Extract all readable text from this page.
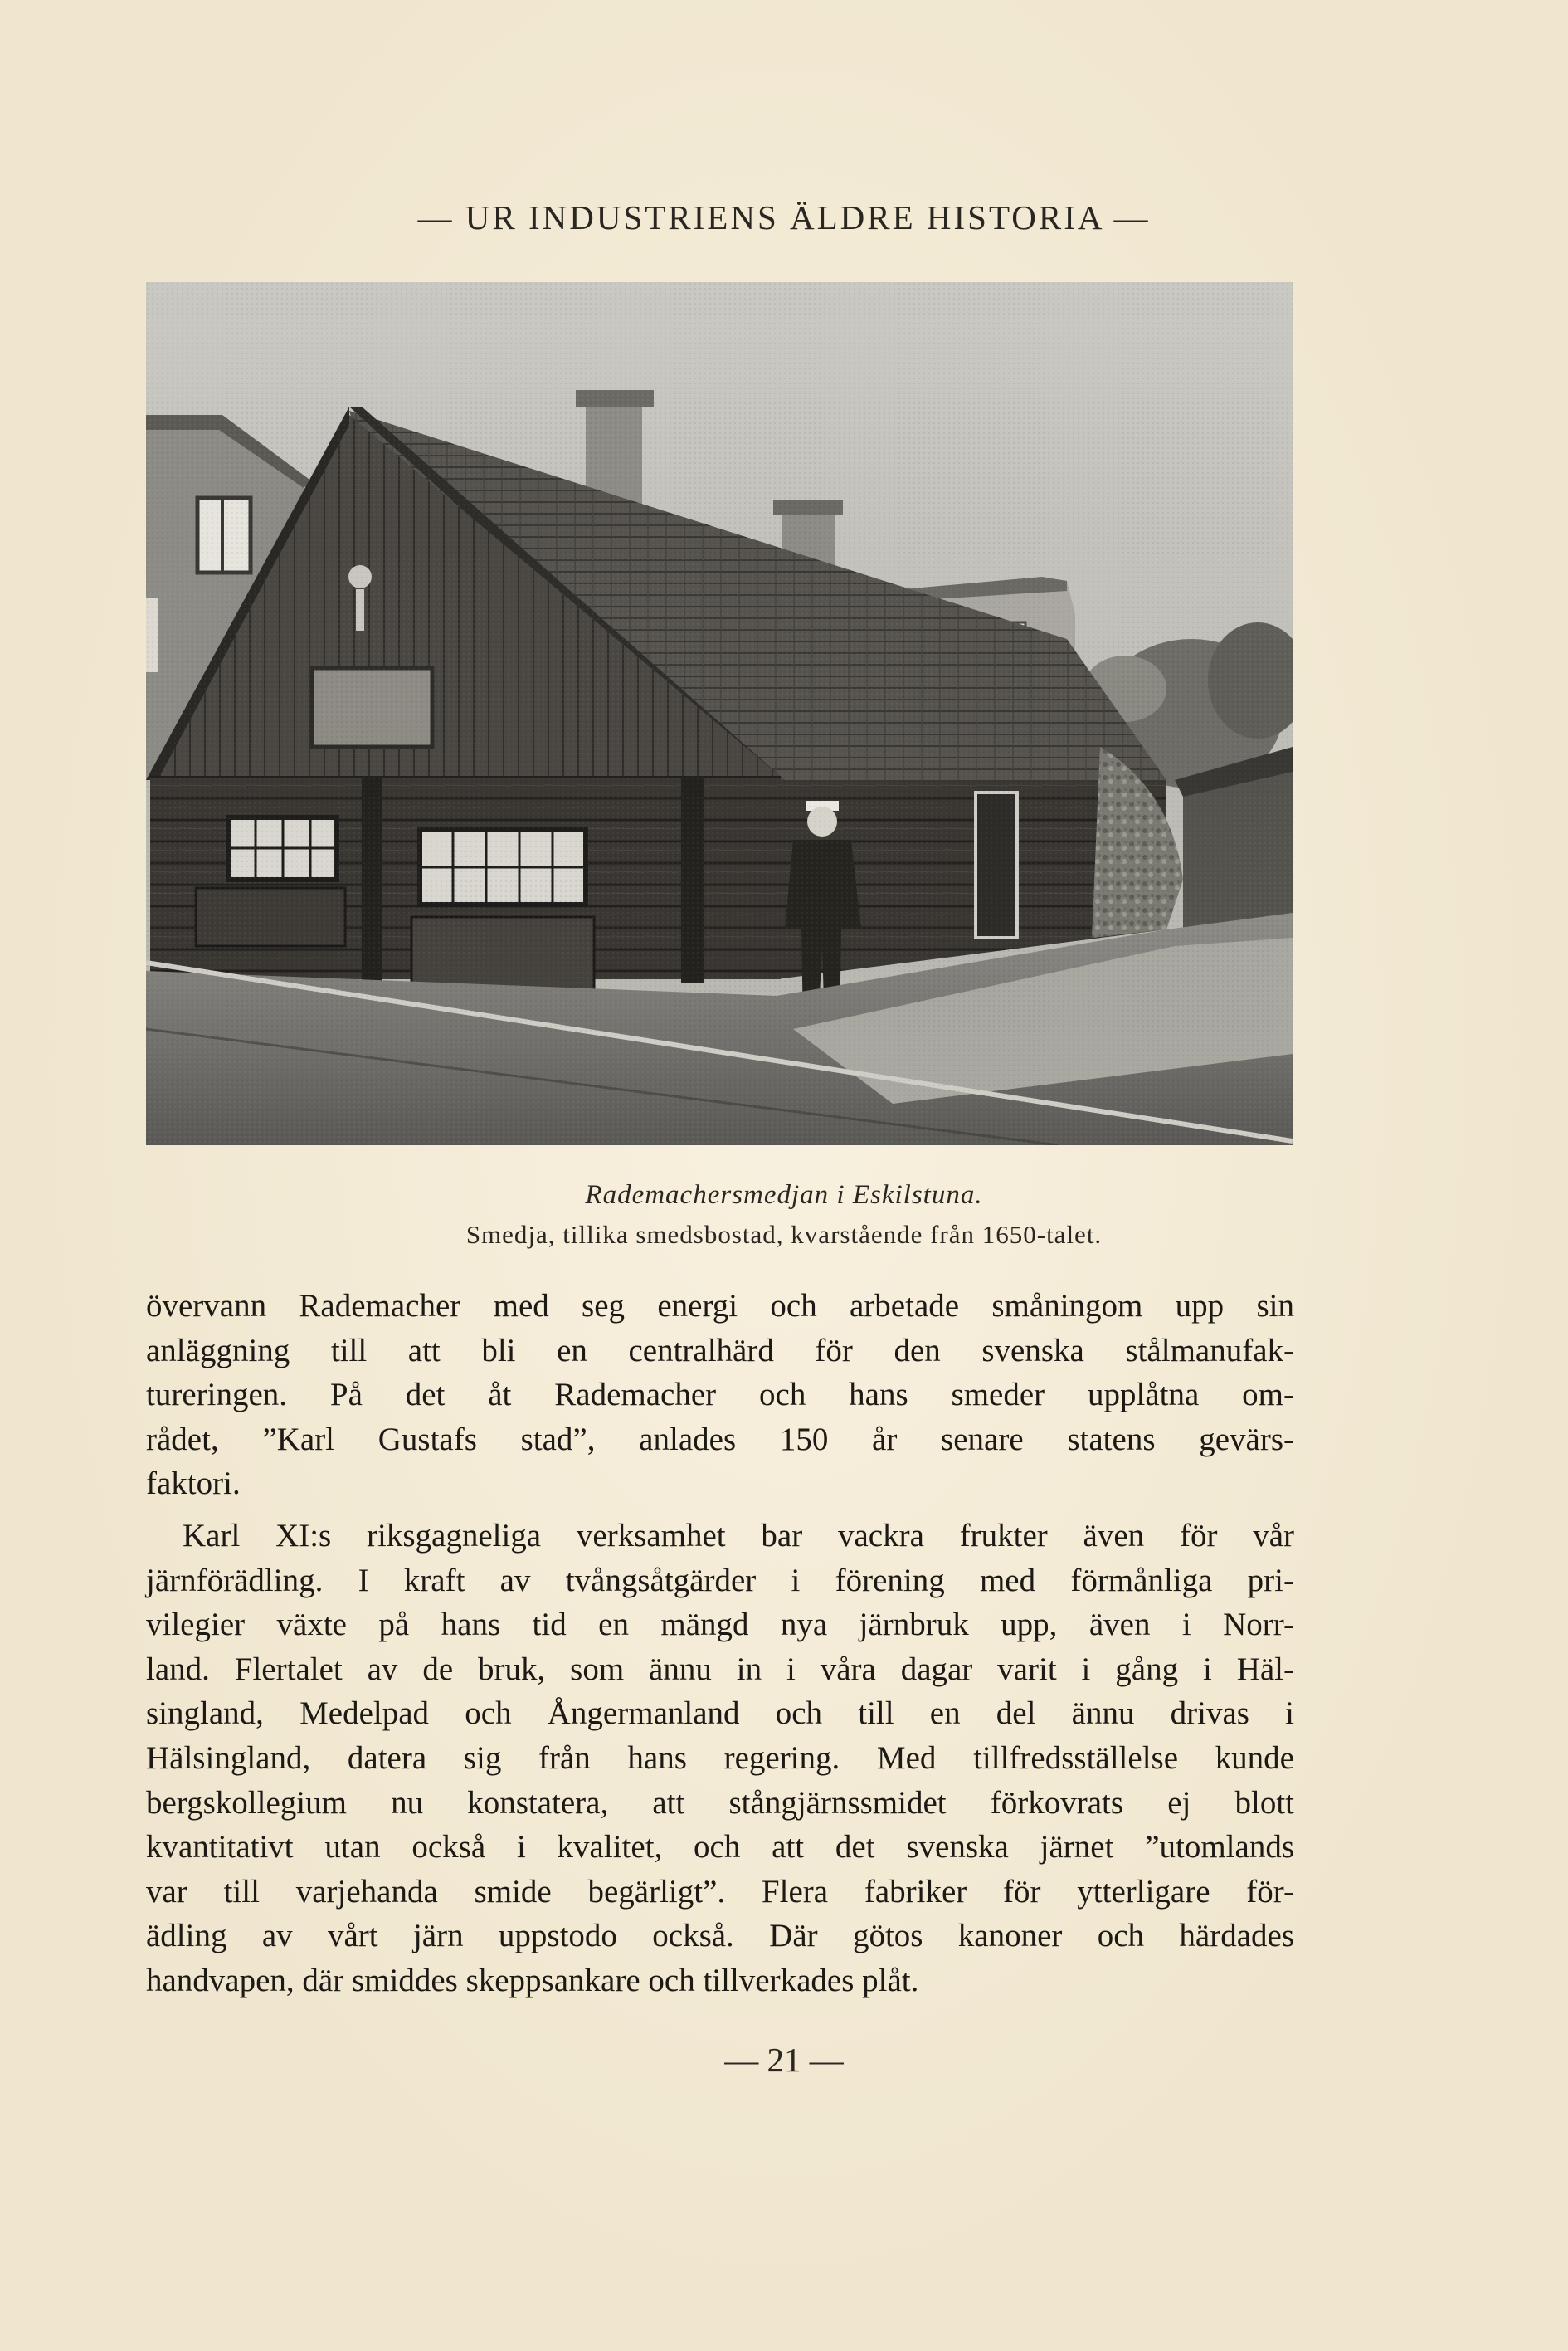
— UR INDUSTRIENS ÄLDRE HISTORIA —
Rademachersmedjan i Eskilstuna.
Smedja, tillika smedsbostad, kvarstående från 1650-talet.
övervann Rademacher med seg energi och arbetade småningom upp sin
anläggning till att bli en centralhärd för den svenska stålmanufak-
tureringen. På det åt Rademacher och hans smeder upplåtna om-
rådet, ”Karl Gustafs stad”, anlades 150 år senare statens gevärs-
faktori.
Karl XI:s riksgagneliga verksamhet bar vackra frukter även för vår
järnförädling. I kraft av tvångsåtgärder i förening med förmånliga pri-
vilegier växte på hans tid en mängd nya järnbruk upp, även i Norr-
land. Flertalet av de bruk, som ännu in i våra dagar varit i gång i Häl-
singland, Medelpad och Ångermanland och till en del ännu drivas i
Hälsingland, datera sig från hans regering. Med tillfredsställelse kunde
bergskollegium nu konstatera, att stångjärnssmidet förkovrats ej blott
kvantitativt utan också i kvalitet, och att det svenska järnet ”utomlands
var till varjehanda smide begärligt”. Flera fabriker för ytterligare för-
ädling av vårt järn uppstodo också. Där götos kanoner och härdades
handvapen, där smiddes skeppsankare och tillverkades plåt.
— 21 —
